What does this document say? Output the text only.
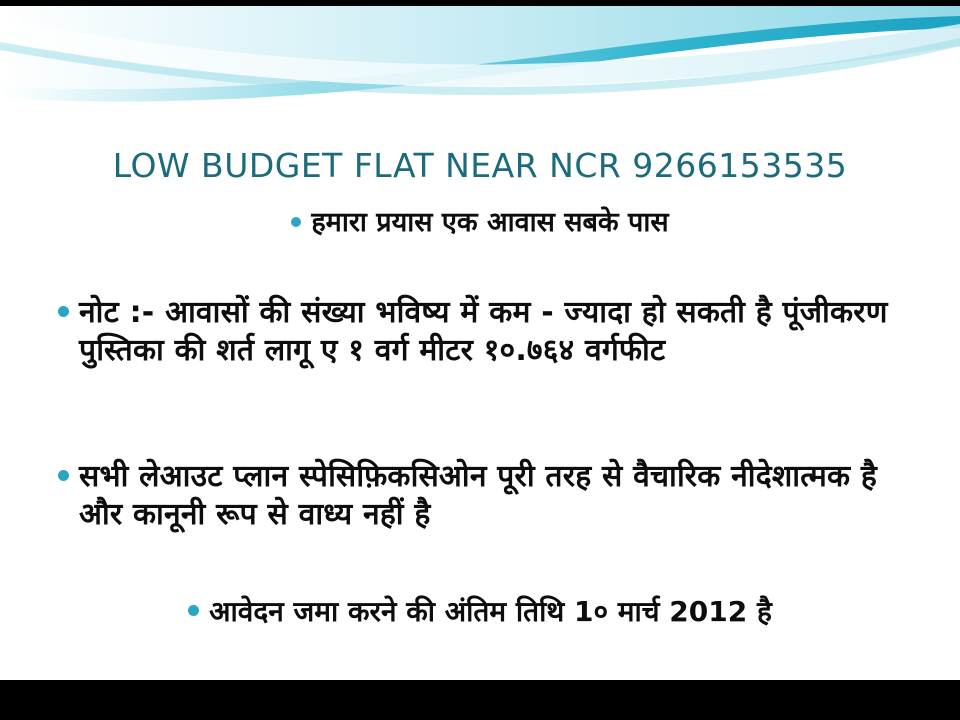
LOW BUDGET FLAT NEAR NCR 9266153535
हमारा प्रयास एक आवास सबके पास
नोट :- आवासों की संख्या भविष्य में कम - ज्यादा हो सकती है पूंजीकरण पुस्तिका की शर्त लागू ए १ वर्ग मीटर १०.७६४ वर्गफीट
सभी लेआउट प्लान स्पेसिफ़िकसिओन पूरी तरह से वैचारिक नीदेशात्मक है और कानूनी रूप से वाध्य नहीं है
आवेदन जमा करने की अंतिम तिथि 1० मार्च 2012 है
